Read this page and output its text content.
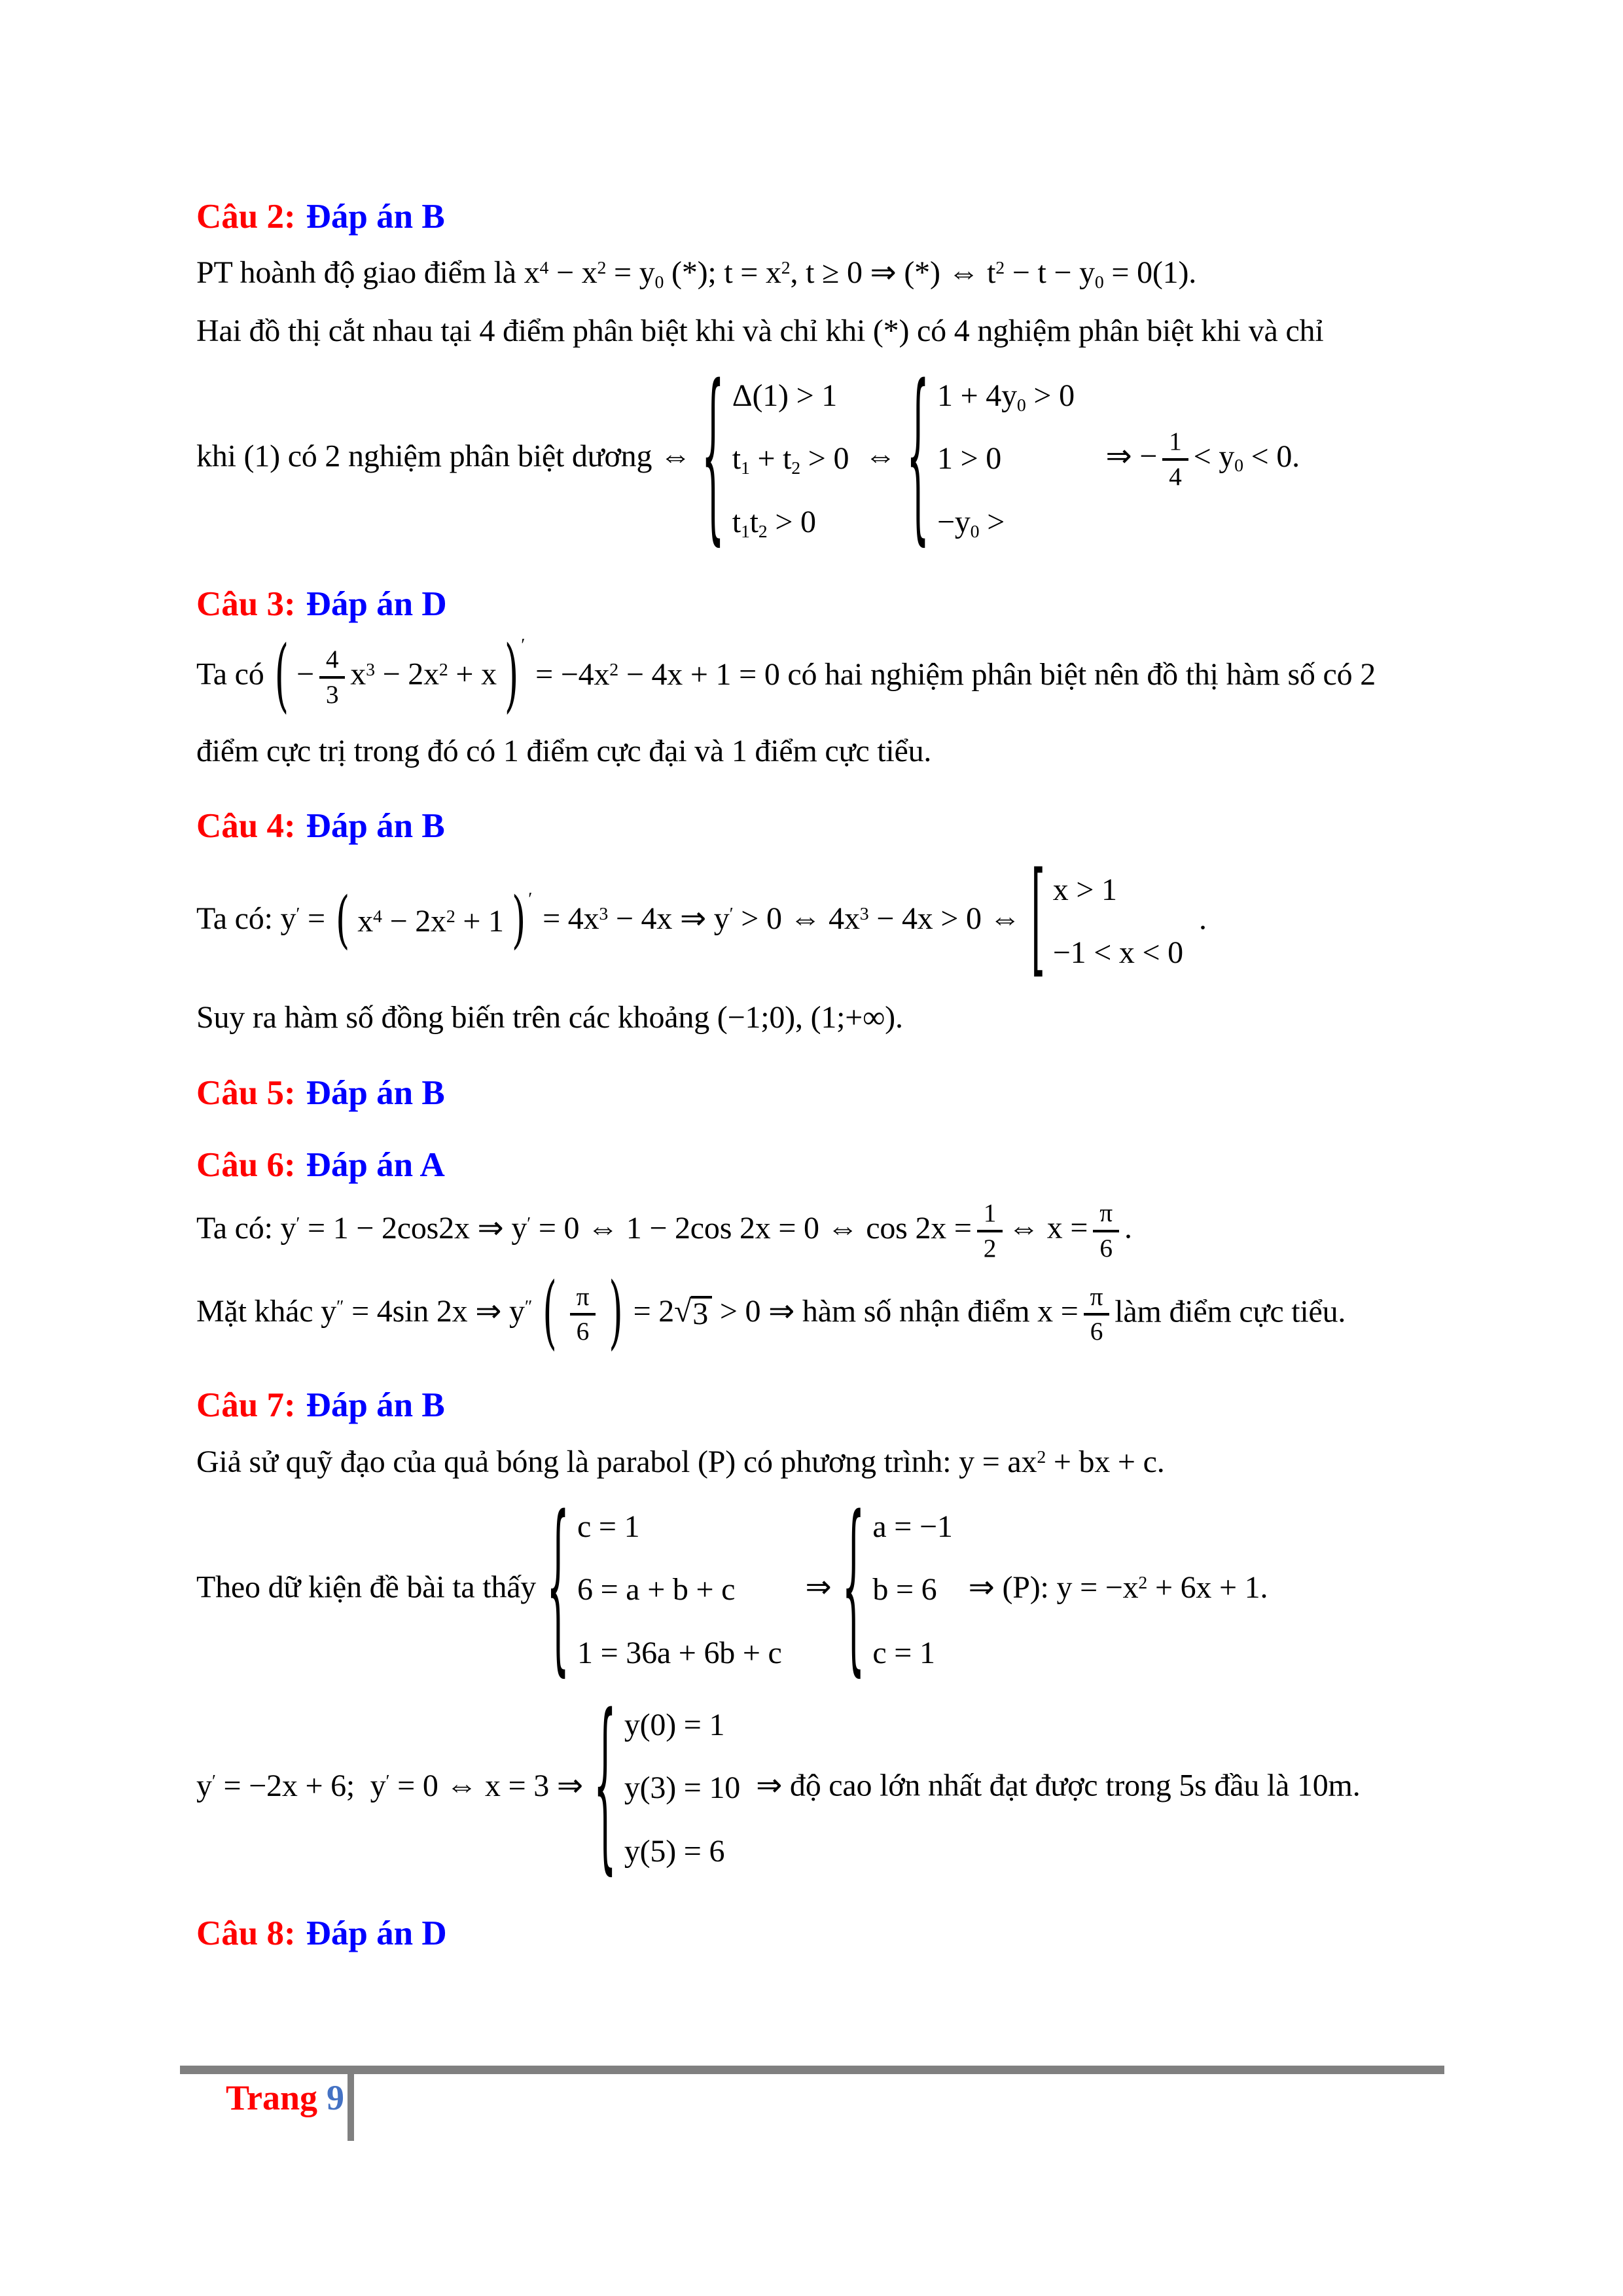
Câu 2: Đáp án B
PT hoành độ giao điểm là $x^4 - x^2 = y_0$ (*); $t = x^2$, t ≥ 0 ⇒ (*) ⇔ $t^2 - t - y_0 = 0(1)$.
Hai đồ thị cắt nhau tại 4 điểm phân biệt khi và chỉ khi (*) có 4 nghiệm phân biệt khi và chỉ
khi (1) có 2 nghiệm phân biệt dương ⇔ { Δ(1) > 1
$t_1 + t_2 > 0$
$t_1t_2 > 0$
⇔ { $1 + 4y_0 > 0$
1 > 0
$-y_0$ >
⇒ − $\frac{1}{4} < y_0 < 0$.
Câu 3: Đáp án D
Ta có ( − $\frac{4}{3} x^3 - 2x^2 + x$ ) ′
= $-4x^2 - 4x + 1 = 0$ có hai nghiệm phân biệt nên đồ thị hàm số có 2
điểm cực trị trong đó có 1 điểm cực đại và 1 điểm cực tiểu.
Câu 4: Đáp án B
Ta có: y′ = ( $x^4 - 2x^2 + 1$ ) ′
= $4x^3 - 4x$ ⇒ y′ > 0 ⇔ $4x^3 - 4x > 0$ ⇔ [ x > 1
−1 < x < 0
.
Suy ra hàm số đồng biến trên các khoảng (−1;0), (1;+∞).
Câu 5: Đáp án B
Câu 6: Đáp án A
Ta có: y′ = 1 − 2cos2x ⇒ y′ = 0 ⇔ 1 − 2cos 2x = 0 ⇔ $\cos 2x = \frac{1}{2}$ ⇔ $x = \frac{\pi}{6}$ .
Mặt khác y″ = 4sin 2x ⇒ y″ ( $\frac{\pi}{6}$ ) = 2 √ 3 > 0 ⇒ hàm số nhận điểm $x = \frac{\pi}{6}$ làm điểm cực tiểu.
Câu 7: Đáp án B
Giả sử quỹ đạo của quả bóng là parabol (P) có phương trình: $y = ax^2$ + bx + c.
Theo dữ kiện đề bài ta thấy { c = 1
6 = a + b + c
1 = 36a + 6b + c
⇒ { a = −1
b = 6
c = 1
⇒ (P): $y = -x^2 + 6x + 1$.
y′ = −2x + 6;  y′ = 0 ⇔ x = 3 ⇒ { y(0) = 1
y(3) = 10
y(5) = 6
⇒ độ cao lớn nhất đạt được trong 5s đầu là 10m.
Câu 8: Đáp án D
Trang 9
